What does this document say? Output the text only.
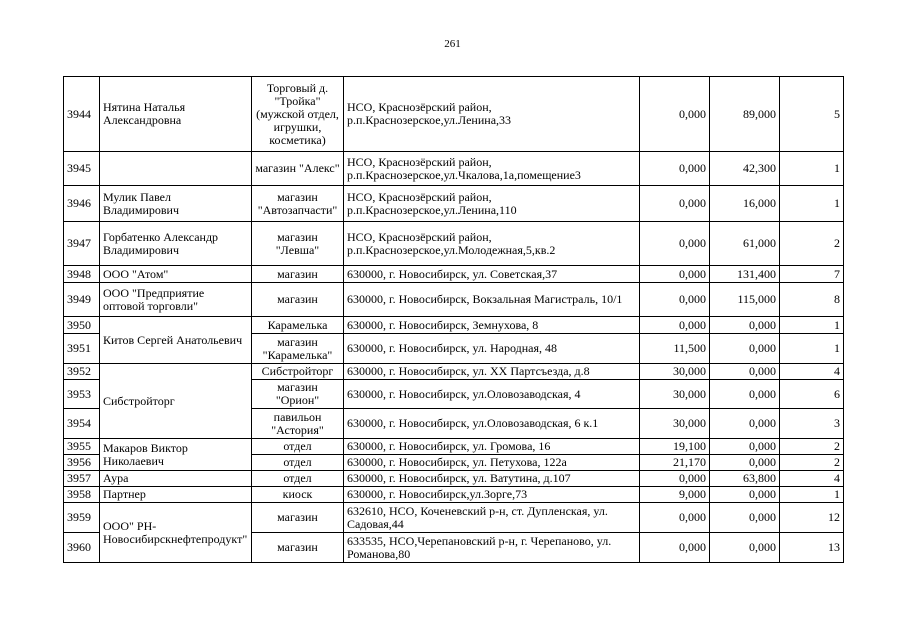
261
3944	Нятина Наталья Александровна	Торговый д. "Тройка" (мужской отдел, игрушки, косметика)	НСО, Краснозёрский район, р.п.Краснозерское,ул.Ленина,33	0,000	89,000	5
3945		магазин "Алекс"	НСО, Краснозёрский район, р.п.Краснозерское,ул.Чкалова,1а,помещение3	0,000	42,300	1
3946	Мулик Павел Владимирович	магазин "Автозапчасти"	НСО, Краснозёрский район, р.п.Краснозерское,ул.Ленина,110	0,000	16,000	1
3947	Горбатенко Александр Владимирович	магазин "Левша"	НСО, Краснозёрский район, р.п.Краснозерское,ул.Молодежная,5,кв.2	0,000	61,000	2
3948	ООО "Атом"	магазин	630000, г. Новосибирск, ул. Советская,37	0,000	131,400	7
3949	ООО "Предприятие оптовой торговли"	магазин	630000, г. Новосибирск, Вокзальная Магистраль, 10/1	0,000	115,000	8
3950	Китов Сергей Анатольевич	Карамелька	630000, г. Новосибирск, Земнухова, 8	0,000	0,000	1
3951		магазин "Карамелька"	630000, г. Новосибирск, ул. Народная, 48	11,500	0,000	1
3952	Сибстройторг	Сибстройторг	630000, г. Новосибирск, ул. XX Партсъезда, д.8	30,000	0,000	4
3953		магазин "Орион"	630000, г. Новосибирск, ул.Оловозаводская, 4	30,000	0,000	6
3954		павильон "Астория"	630000, г. Новосибирск, ул.Оловозаводская, 6 к.1	30,000	0,000	3
3955	Макаров Виктор Николаевич	отдел	630000, г. Новосибирск, ул. Громова, 16	19,100	0,000	2
3956		отдел	630000, г. Новосибирск, ул. Петухова, 122а	21,170	0,000	2
3957	Аура	отдел	630000, г. Новосибирск, ул. Ватутина, д.107	0,000	63,800	4
3958	Партнер	киоск	630000, г. Новосибирск,ул.Зорге,73	9,000	0,000	1
3959	ООО" РН-Новосибирскнефтепродукт"	магазин	632610, НСО, Коченевский р-н, ст. Дупленская, ул. Садовая,44	0,000	0,000	12
3960		магазин	633535, НСО,Черепановский р-н, г. Черепаново, ул. Романова,80	0,000	0,000	13
